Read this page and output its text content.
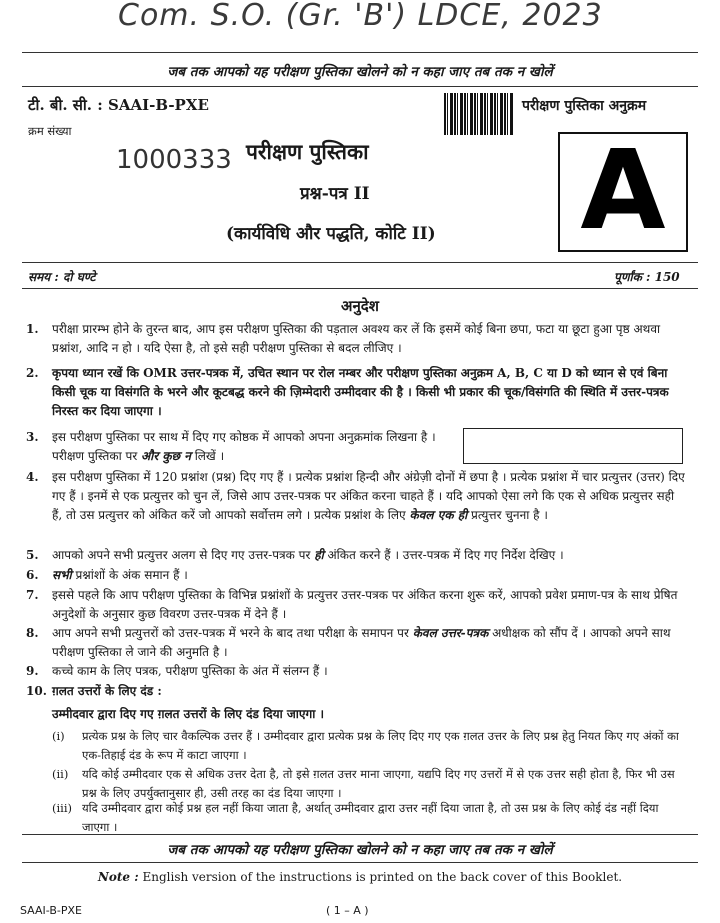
Com. S.O. (Gr. 'B') LDCE, 2023
जब तक आपको यह परीक्षण पुस्तिका खोलने को न कहा जाए तब तक न खोलें
टी. बी. सी. : SAAI-B-PXE	परीक्षण पुस्तिका अनुक्रम
क्रम संख्या
1000333 परीक्षण पुस्तिका
प्रश्न-पत्र II
(कार्यविधि और पद्धति, कोटि II) A
समय : दो घण्टे	पूर्णांक : 150
अनुदेश
1. परीक्षा प्रारम्भ होने के तुरन्त बाद, आप इस परीक्षण पुस्तिका की पड़ताल अवश्य कर लें कि इसमें कोई बिना छपा, फटा या छूटा हुआ पृष्ठ अथवा प्रश्नांश, आदि न हो । यदि ऐसा है, तो इसे सही परीक्षण पुस्तिका से बदल लीजिए ।
2. कृपया ध्यान रखें कि OMR उत्तर-पत्रक में, उचित स्थान पर रोल नम्बर और परीक्षण पुस्तिका अनुक्रम A, B, C या D को ध्यान से एवं बिना किसी चूक या विसंगति के भरने और कूटबद्ध करने की ज़िम्मेदारी उम्मीदवार की है । किसी भी प्रकार की चूक/विसंगति की स्थिति में उत्तर-पत्रक निरस्त कर दिया जाएगा ।
3. इस परीक्षण पुस्तिका पर साथ में दिए गए कोष्ठक में आपको अपना अनुक्रमांक लिखना है । परीक्षण पुस्तिका पर और कुछ न लिखें ।
4. इस परीक्षण पुस्तिका में 120 प्रश्नांश (प्रश्न) दिए गए हैं । प्रत्येक प्रश्नांश हिन्दी और अंग्रेज़ी दोनों में छपा है । प्रत्येक प्रश्नांश में चार प्रत्युत्तर (उत्तर) दिए गए हैं । इनमें से एक प्रत्युत्तर को चुन लें, जिसे आप उत्तर-पत्रक पर अंकित करना चाहते हैं । यदि आपको ऐसा लगे कि एक से अधिक प्रत्युत्तर सही हैं, तो उस प्रत्युत्तर को अंकित करें जो आपको सर्वोत्तम लगे । प्रत्येक प्रश्नांश के लिए केवल एक ही प्रत्युत्तर चुनना है ।
5. आपको अपने सभी प्रत्युत्तर अलग से दिए गए उत्तर-पत्रक पर ही अंकित करने हैं । उत्तर-पत्रक में दिए गए निर्देश देखिए ।
6. सभी प्रश्नांशों के अंक समान हैं ।
7. इससे पहले कि आप परीक्षण पुस्तिका के विभिन्न प्रश्नांशों के प्रत्युत्तर उत्तर-पत्रक पर अंकित करना शुरू करें, आपको प्रवेश प्रमाण-पत्र के साथ प्रेषित अनुदेशों के अनुसार कुछ विवरण उत्तर-पत्रक में देने हैं ।
8. आप अपने सभी प्रत्युत्तरों को उत्तर-पत्रक में भरने के बाद तथा परीक्षा के समापन पर केवल उत्तर-पत्रक अधीक्षक को सौंप दें । आपको अपने साथ परीक्षण पुस्तिका ले जाने की अनुमति है ।
9. कच्चे काम के लिए पत्रक, परीक्षण पुस्तिका के अंत में संलग्न हैं ।
10. ग़लत उत्तरों के लिए दंड :
उम्मीदवार द्वारा दिए गए ग़लत उत्तरों के लिए दंड दिया जाएगा ।
(i) प्रत्येक प्रश्न के लिए चार वैकल्पिक उत्तर हैं । उम्मीदवार द्वारा प्रत्येक प्रश्न के लिए दिए गए एक ग़लत उत्तर के लिए प्रश्न हेतु नियत किए गए अंकों का एक-तिहाई दंड के रूप में काटा जाएगा ।
(ii) यदि कोई उम्मीदवार एक से अधिक उत्तर देता है, तो इसे ग़लत उत्तर माना जाएगा, यद्यपि दिए गए उत्तरों में से एक उत्तर सही होता है, फिर भी उस प्रश्न के लिए उपर्युक्तानुसार ही, उसी तरह का दंड दिया जाएगा ।
(iii) यदि उम्मीदवार द्वारा कोई प्रश्न हल नहीं किया जाता है, अर्थात् उम्मीदवार द्वारा उत्तर नहीं दिया जाता है, तो उस प्रश्न के लिए कोई दंड नहीं दिया जाएगा ।
जब तक आपको यह परीक्षण पुस्तिका खोलने को न कहा जाए तब तक न खोलें
Note : English version of the instructions is printed on the back cover of this Booklet.
SAAI-B-PXE	( 1 – A )
